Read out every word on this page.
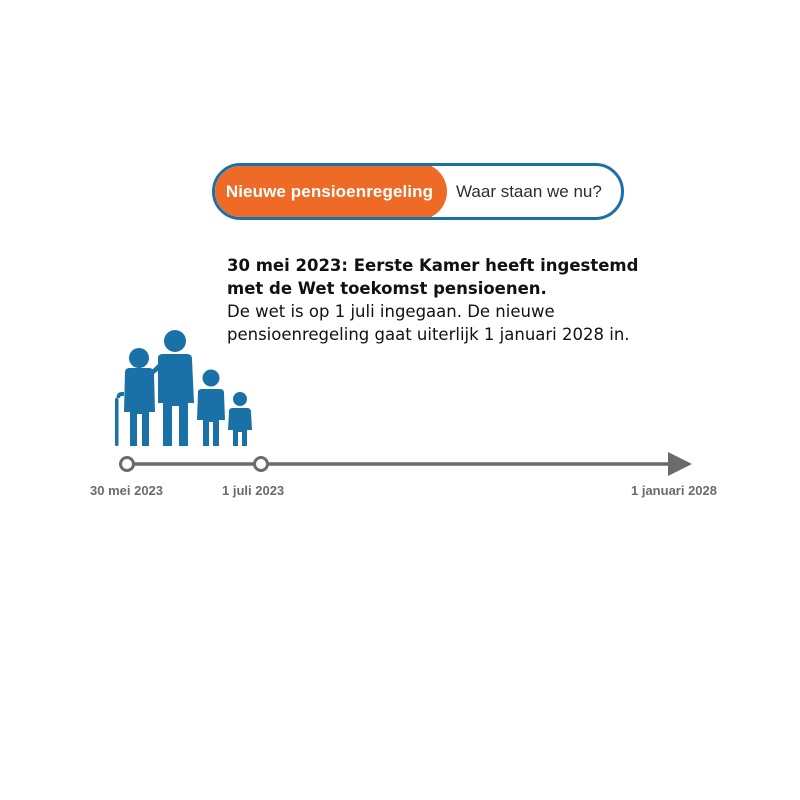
Nieuwe pensioenregeling	Waar staan we nu?
30 mei 2023: Eerste Kamer heeft ingestemd
met de Wet toekomst pensioenen.
De wet is op 1 juli ingegaan. De nieuwe
pensioenregeling gaat uiterlijk 1 januari 2028 in.
30 mei 2023	1 juli 2023	1 januari 2028
